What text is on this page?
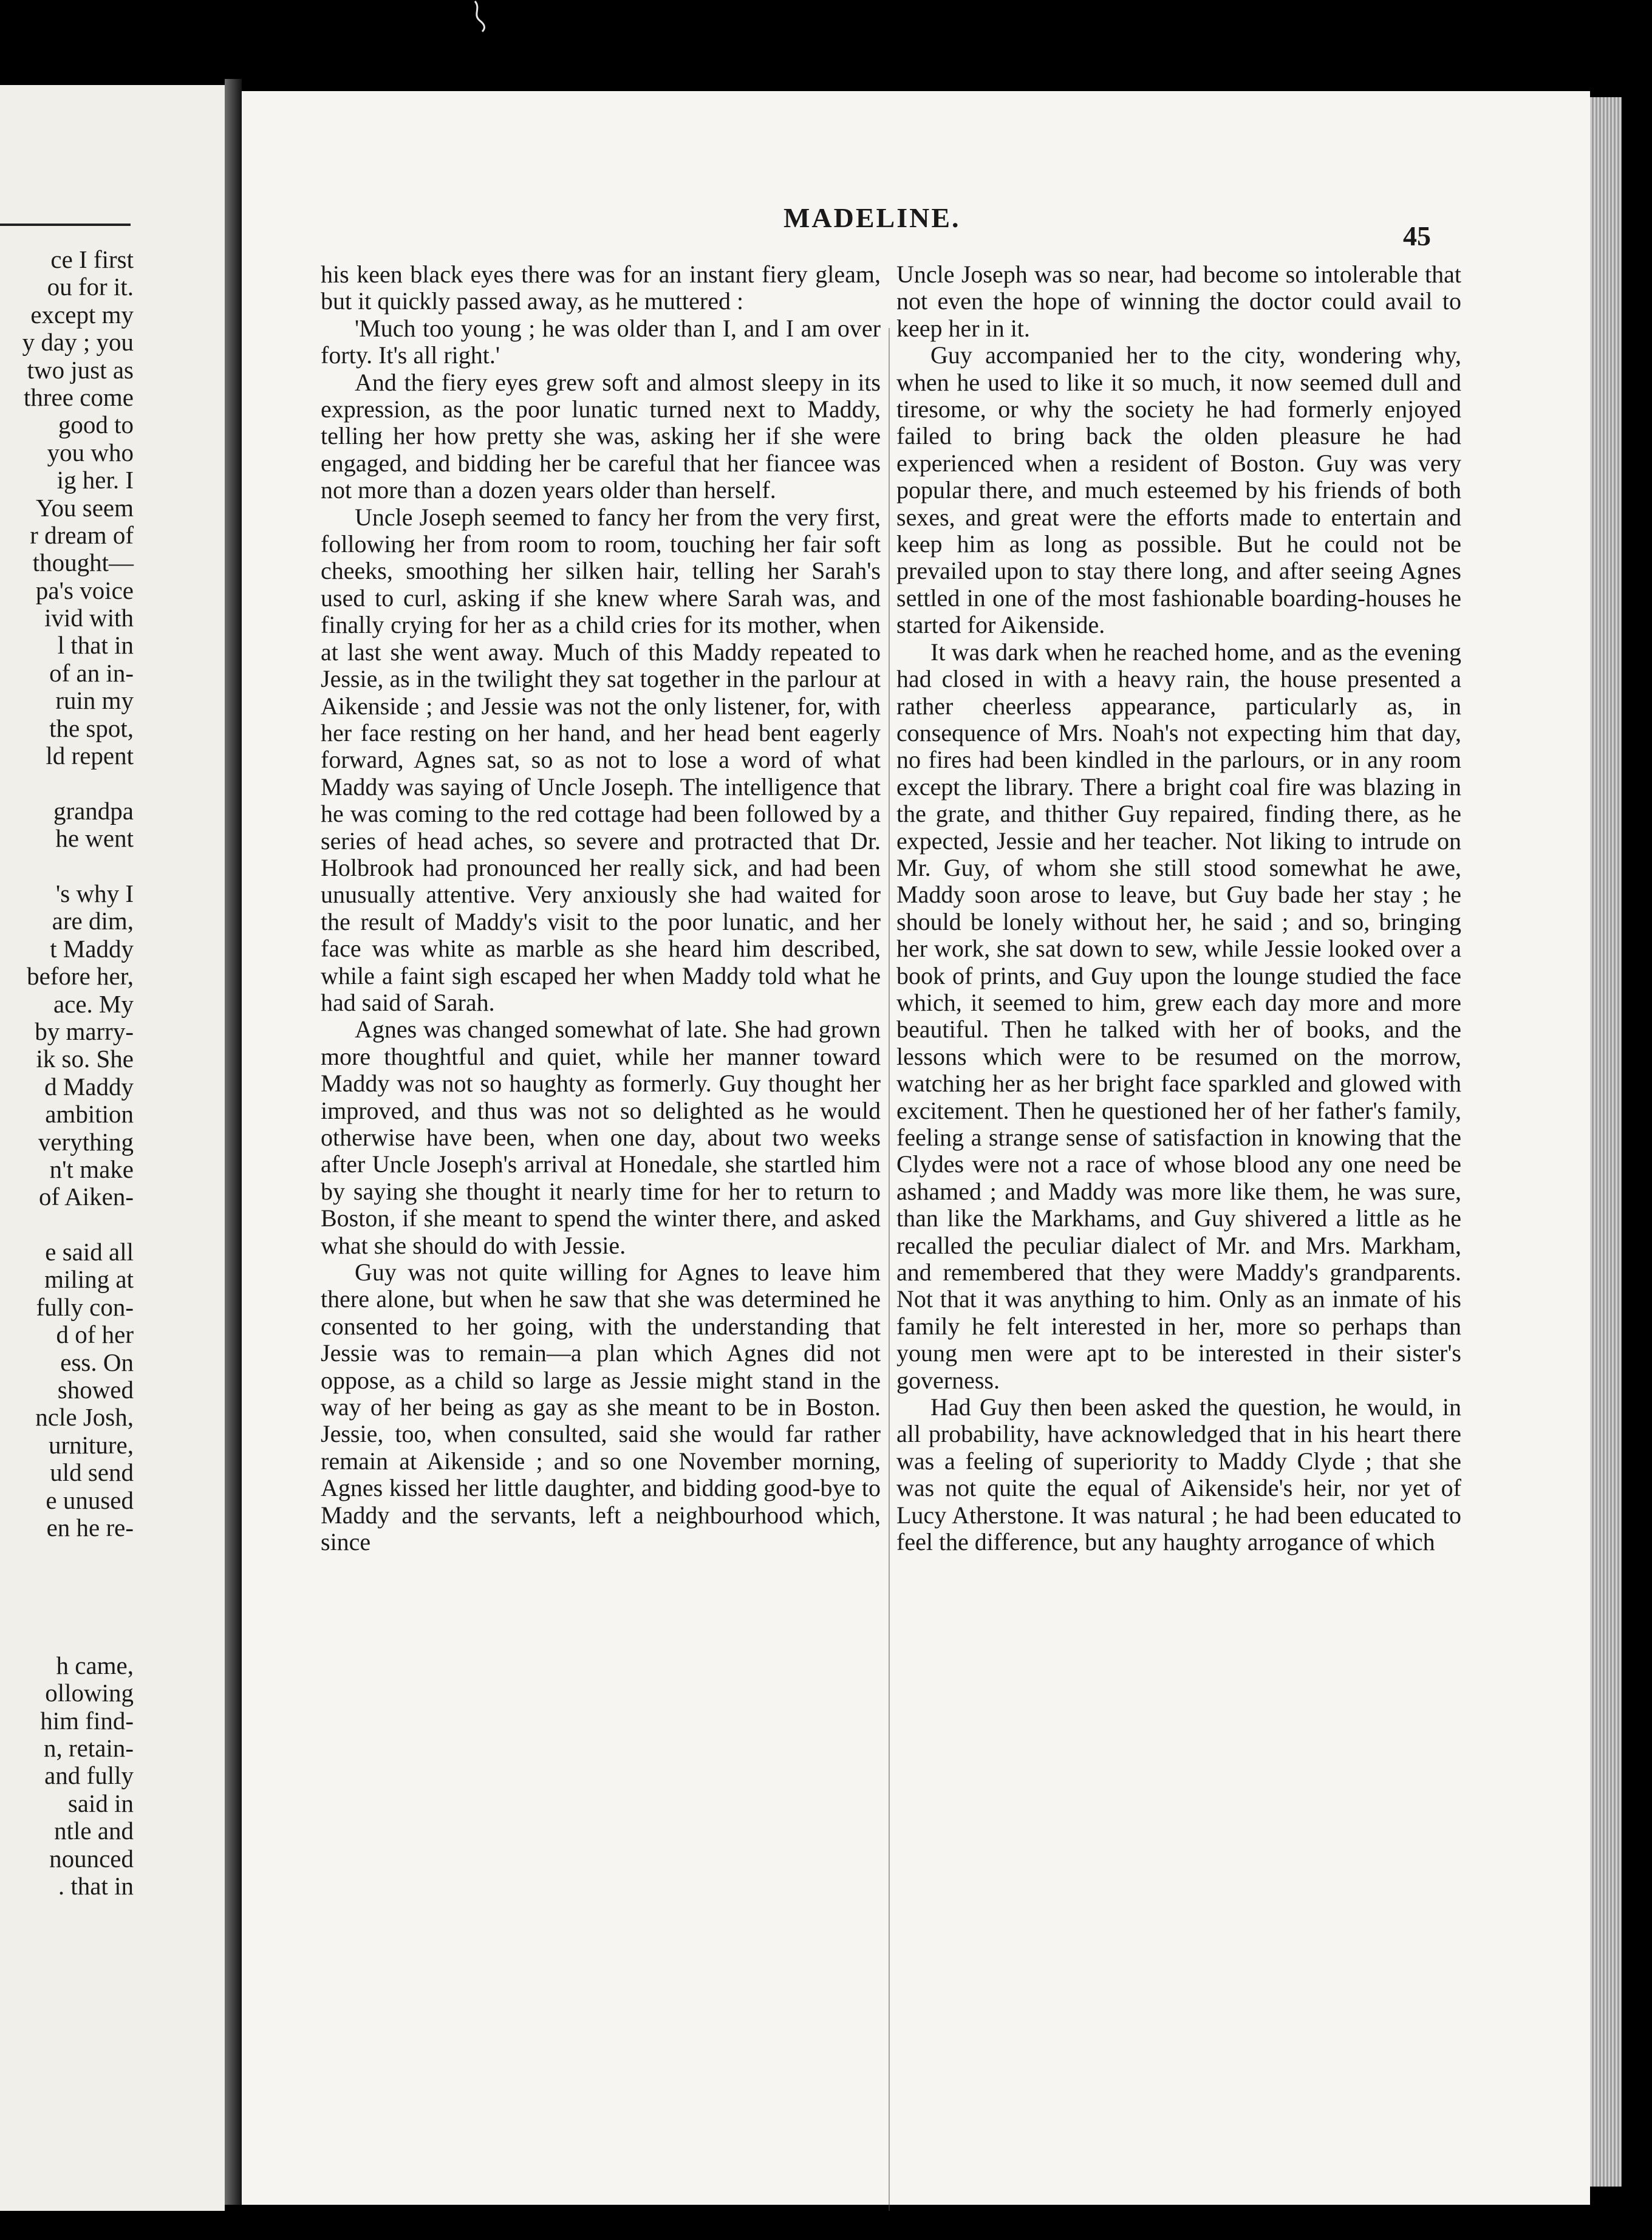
ce I first
ou for it.
except my
y day ; you
two just as
three come
good to
you who
ig her. I
You seem
r dream of
thought—
pa's voice
ivid with
l that in
of an in-
ruin my
the spot,
ld repent
grandpa
he went
's why I
are dim,
t Maddy
before her,
ace. My
by marry-
ik so. She
d Maddy
ambition
verything
n't make
of Aiken-
e said all
miling at
fully con-
d of her
ess. On
showed
ncle Josh,
urniture,
uld send
e unused
en he re-
h came,
ollowing
him find-
n, retain-
and fully
said in
ntle and
nounced
. that in
MADELINE.
45

his keen black eyes there was for an instant fiery gleam, but it quickly passed away, as he muttered :

'Much too young ; he was older than I, and I am over forty. It's all right.'

And the fiery eyes grew soft and almost sleepy in its expression, as the poor lunatic turned next to Maddy, telling her how pretty she was, asking her if she were engaged, and bidding her be careful that her fiancee was not more than a dozen years older than herself.

Uncle Joseph seemed to fancy her from the very first, following her from room to room, touching her fair soft cheeks, smoothing her silken hair, telling her Sarah's used to curl, asking if she knew where Sarah was, and finally crying for her as a child cries for its mother, when at last she went away. Much of this Maddy repeated to Jessie, as in the twilight they sat together in the parlour at Aikenside ; and Jessie was not the only listener, for, with her face resting on her hand, and her head bent eagerly forward, Agnes sat, so as not to lose a word of what Maddy was saying of Uncle Joseph. The intelligence that he was coming to the red cottage had been followed by a series of head aches, so severe and protracted that Dr. Holbrook had pronounced her really sick, and had been unusually attentive. Very anxiously she had waited for the result of Maddy's visit to the poor lunatic, and her face was white as marble as she heard him described, while a faint sigh escaped her when Maddy told what he had said of Sarah.

Agnes was changed somewhat of late. She had grown more thoughtful and quiet, while her manner toward Maddy was not so haughty as formerly. Guy thought her improved, and thus was not so delighted as he would otherwise have been, when one day, about two weeks after Uncle Joseph's arrival at Honedale, she startled him by saying she thought it nearly time for her to return to Boston, if she meant to spend the winter there, and asked what she should do with Jessie.

Guy was not quite willing for Agnes to leave him there alone, but when he saw that she was determined he consented to her going, with the understanding that Jessie was to remain—a plan which Agnes did not oppose, as a child so large as Jessie might stand in the way of her being as gay as she meant to be in Boston. Jessie, too, when consulted, said she would far rather remain at Aikenside ; and so one November morning, Agnes kissed her little daughter, and bidding good-bye to Maddy and the servants, left a neighbourhood which, since

Uncle Joseph was so near, had become so intolerable that not even the hope of winning the doctor could avail to keep her in it.

Guy accompanied her to the city, wondering why, when he used to like it so much, it now seemed dull and tiresome, or why the society he had formerly enjoyed failed to bring back the olden pleasure he had experienced when a resident of Boston. Guy was very popular there, and much esteemed by his friends of both sexes, and great were the efforts made to entertain and keep him as long as possible. But he could not be prevailed upon to stay there long, and after seeing Agnes settled in one of the most fashionable boarding-houses he started for Aikenside.

It was dark when he reached home, and as the evening had closed in with a heavy rain, the house presented a rather cheerless appearance, particularly as, in consequence of Mrs. Noah's not expecting him that day, no fires had been kindled in the parlours, or in any room except the library. There a bright coal fire was blazing in the grate, and thither Guy repaired, finding there, as he expected, Jessie and her teacher. Not liking to intrude on Mr. Guy, of whom she still stood somewhat he awe, Maddy soon arose to leave, but Guy bade her stay ; he should be lonely without her, he said ; and so, bringing her work, she sat down to sew, while Jessie looked over a book of prints, and Guy upon the lounge studied the face which, it seemed to him, grew each day more and more beautiful. Then he talked with her of books, and the lessons which were to be resumed on the morrow, watching her as her bright face sparkled and glowed with excitement. Then he questioned her of her father's family, feeling a strange sense of satisfaction in knowing that the Clydes were not a race of whose blood any one need be ashamed ; and Maddy was more like them, he was sure, than like the Markhams, and Guy shivered a little as he recalled the peculiar dialect of Mr. and Mrs. Markham, and remembered that they were Maddy's grandparents. Not that it was anything to him. Only as an inmate of his family he felt interested in her, more so perhaps than young men were apt to be interested in their sister's governess.

Had Guy then been asked the question, he would, in all probability, have acknowledged that in his heart there was a feeling of superiority to Maddy Clyde ; that she was not quite the equal of Aikenside's heir, nor yet of Lucy Atherstone. It was natural ; he had been educated to feel the difference, but any haughty arrogance of which
